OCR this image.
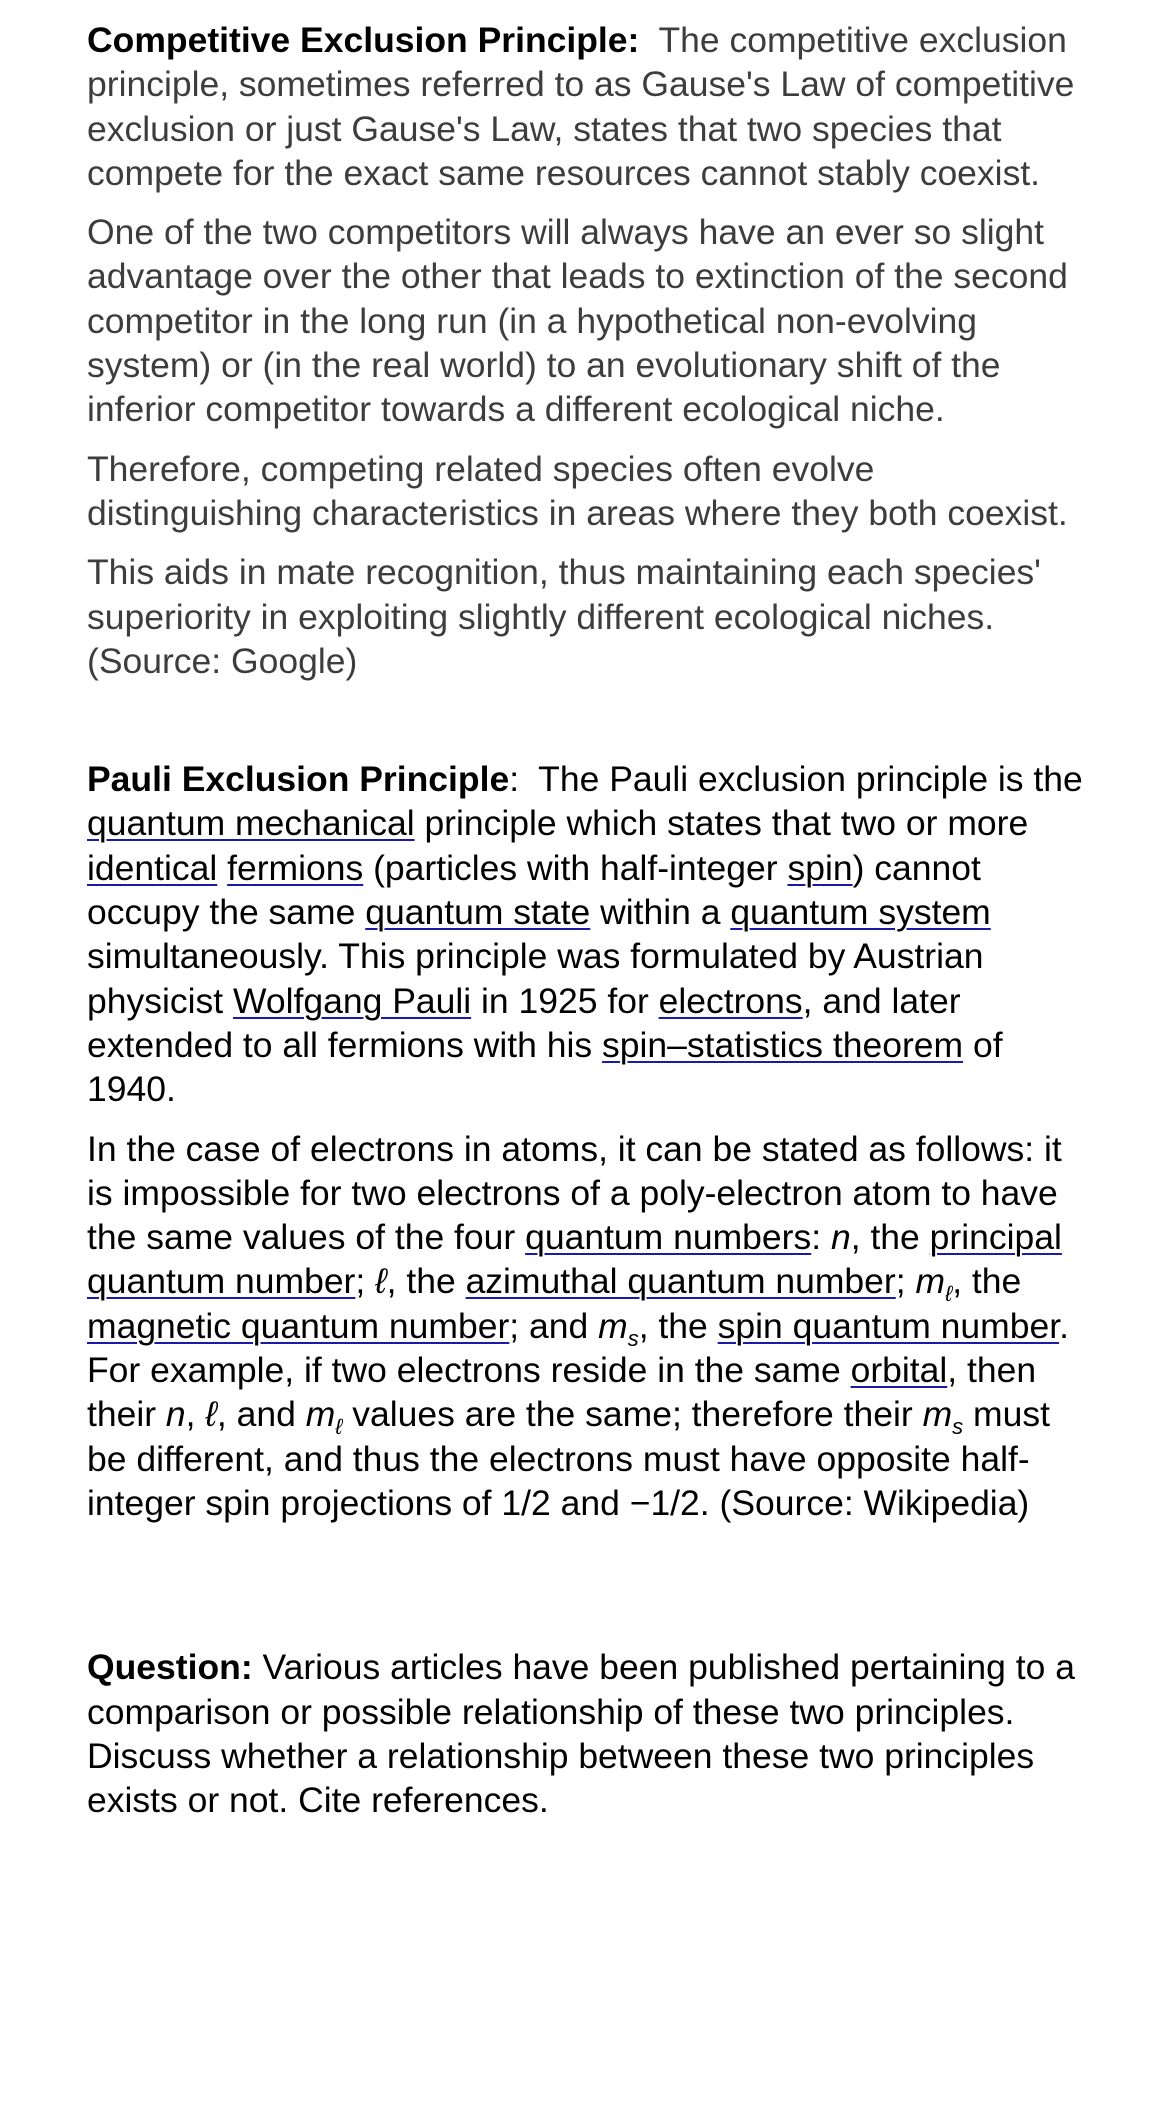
Competitive Exclusion Principle: The competitive exclusion principle, sometimes referred to as Gause's Law of competitive exclusion or just Gause's Law, states that two species that compete for the exact same resources cannot stably coexist.

One of the two competitors will always have an ever so slight advantage over the other that leads to extinction of the second competitor in the long run (in a hypothetical non-evolving system) or (in the real world) to an evolutionary shift of the inferior competitor towards a different ecological niche.

Therefore, competing related species often evolve distinguishing characteristics in areas where they both coexist.

This aids in mate recognition, thus maintaining each species' superiority in exploiting slightly different ecological niches. (Source: Google)

Pauli Exclusion Principle: The Pauli exclusion principle is the quantum mechanical principle which states that two or more identical fermions (particles with half-integer spin) cannot occupy the same quantum state within a quantum system simultaneously. This principle was formulated by Austrian physicist Wolfgang Pauli in 1925 for electrons, and later extended to all fermions with his spin–statistics theorem of 1940.

In the case of electrons in atoms, it can be stated as follows: it is impossible for two electrons of a poly-electron atom to have the same values of the four quantum numbers: n, the principal quantum number; ℓ, the azimuthal quantum number; $m_\ell$, the magnetic quantum number; and $m_s$, the spin quantum number. For example, if two electrons reside in the same orbital, then their n, ℓ, and $m_\ell$ values are the same; therefore their $m_s$ must be different, and thus the electrons must have opposite half-integer spin projections of 1/2 and −1/2. (Source: Wikipedia)

Question: Various articles have been published pertaining to a comparison or possible relationship of these two principles. Discuss whether a relationship between these two principles exists or not. Cite references.
